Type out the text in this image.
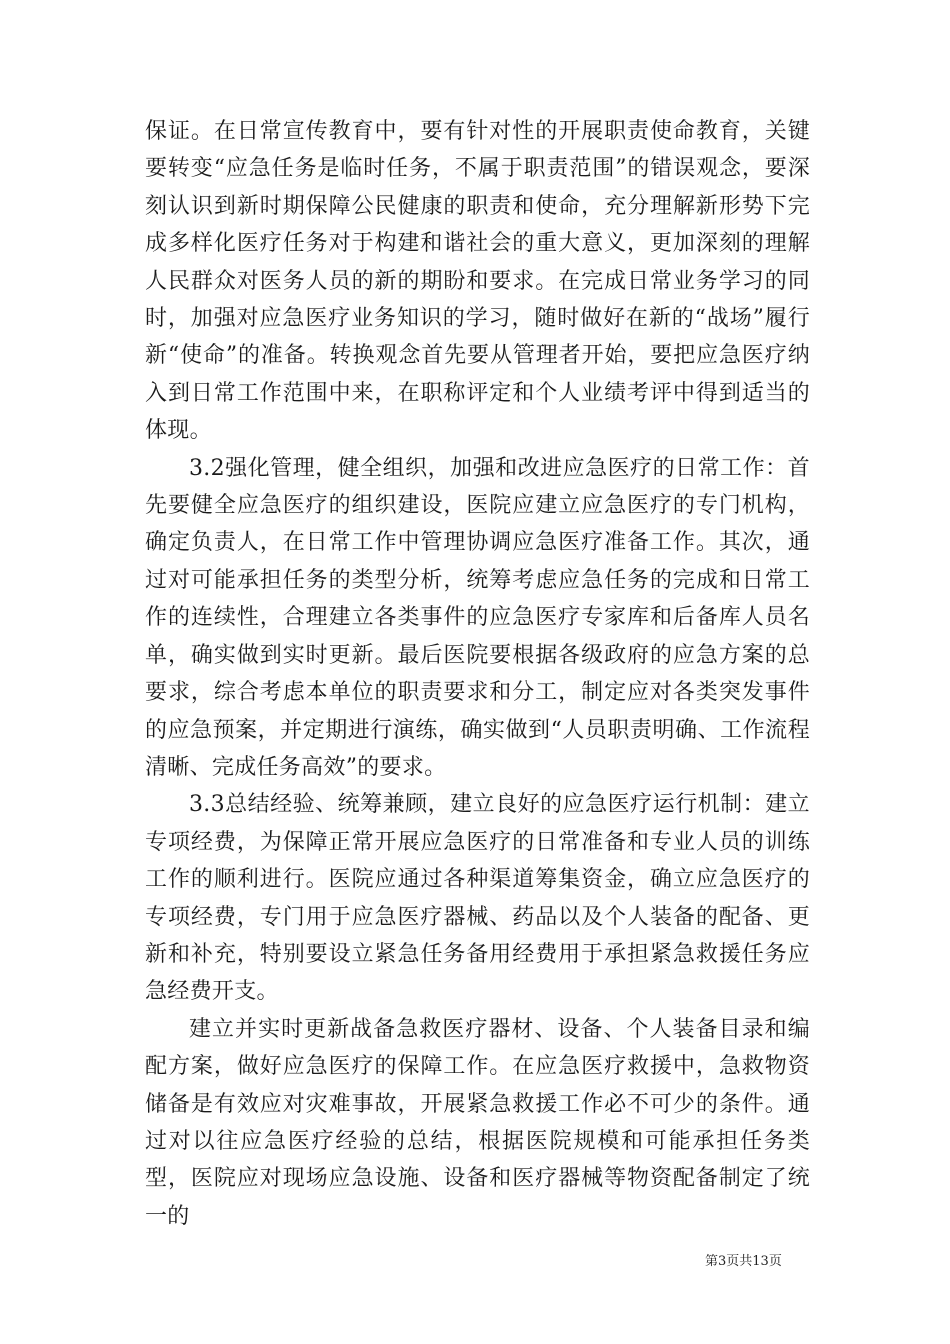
保证。在日常宣传教育中，要有针对性的开展职责使命教育，关键要转变“应急任务是临时任务，不属于职责范围”的错误观念，要深刻认识到新时期保障公民健康的职责和使命，充分理解新形势下完成多样化医疗任务对于构建和谐社会的重大意义，更加深刻的理解人民群众对医务人员的新的期盼和要求。在完成日常业务学习的同时，加强对应急医疗业务知识的学习，随时做好在新的“战场”履行新“使命”的准备。转换观念首先要从管理者开始，要把应急医疗纳入到日常工作范围中来，在职称评定和个人业绩考评中得到适当的体现。

3.2强化管理，健全组织，加强和改进应急医疗的日常工作：首先要健全应急医疗的组织建设，医院应建立应急医疗的专门机构，确定负责人，在日常工作中管理协调应急医疗准备工作。其次，通过对可能承担任务的类型分析，统筹考虑应急任务的完成和日常工作的连续性，合理建立各类事件的应急医疗专家库和后备库人员名单，确实做到实时更新。最后医院要根据各级政府的应急方案的总要求，综合考虑本单位的职责要求和分工，制定应对各类突发事件的应急预案，并定期进行演练，确实做到“人员职责明确、工作流程清晰、完成任务高效”的要求。

3.3总结经验、统筹兼顾，建立良好的应急医疗运行机制：建立专项经费，为保障正常开展应急医疗的日常准备和专业人员的训练工作的顺利进行。医院应通过各种渠道筹集资金，确立应急医疗的专项经费，专门用于应急医疗器械、药品以及个人装备的配备、更新和补充，特别要设立紧急任务备用经费用于承担紧急救援任务应急经费开支。

建立并实时更新战备急救医疗器材、设备、个人装备目录和编配方案，做好应急医疗的保障工作。在应急医疗救援中，急救物资储备是有效应对灾难事故，开展紧急救援工作必不可少的条件。通过对以往应急医疗经验的总结，根据医院规模和可能承担任务类型，医院应对现场应急设施、设备和医疗器械等物资配备制定了统一的

第3页共13页
